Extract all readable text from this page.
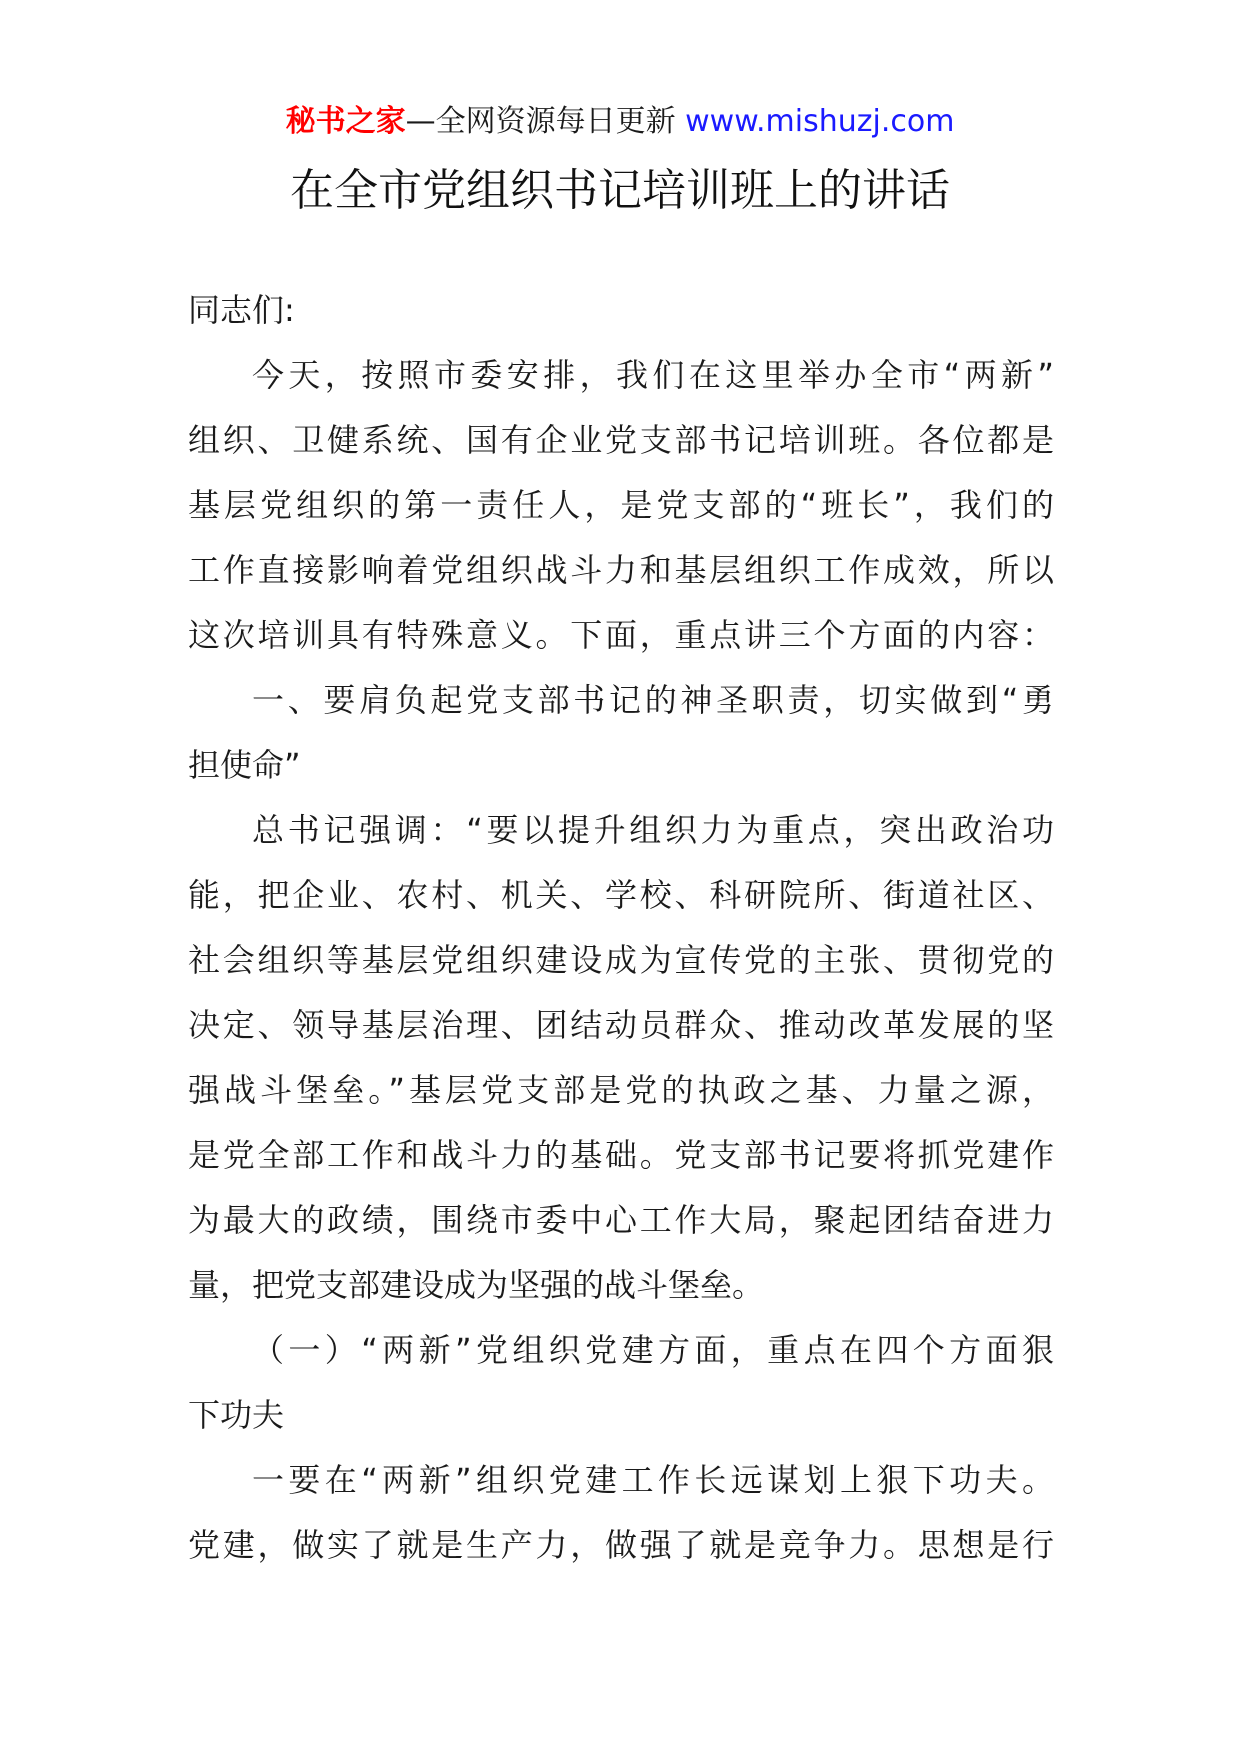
秘书之家—全网资源每日更新 www.mishuzj.com
在全市党组织书记培训班上的讲话
同志们:
今天，按照市委安排，我们在这里举办全市“两新”
组织、卫健系统、国有企业党支部书记培训班。各位都是
基层党组织的第一责任人，是党支部的“班长”，我们的
工作直接影响着党组织战斗力和基层组织工作成效，所以
这次培训具有特殊意义。下面，重点讲三个方面的内容：
一、要肩负起党支部书记的神圣职责，切实做到“勇
担使命”
总书记强调：“要以提升组织力为重点，突出政治功
能，把企业、农村、机关、学校、科研院所、街道社区、
社会组织等基层党组织建设成为宣传党的主张、贯彻党的
决定、领导基层治理、团结动员群众、推动改革发展的坚
强战斗堡垒。”基层党支部是党的执政之基、力量之源，
是党全部工作和战斗力的基础。党支部书记要将抓党建作
为最大的政绩，围绕市委中心工作大局，聚起团结奋进力
量，把党支部建设成为坚强的战斗堡垒。
（一）“两新”党组织党建方面，重点在四个方面狠
下功夫
一要在“两新”组织党建工作长远谋划上狠下功夫。
党建，做实了就是生产力，做强了就是竞争力。思想是行
